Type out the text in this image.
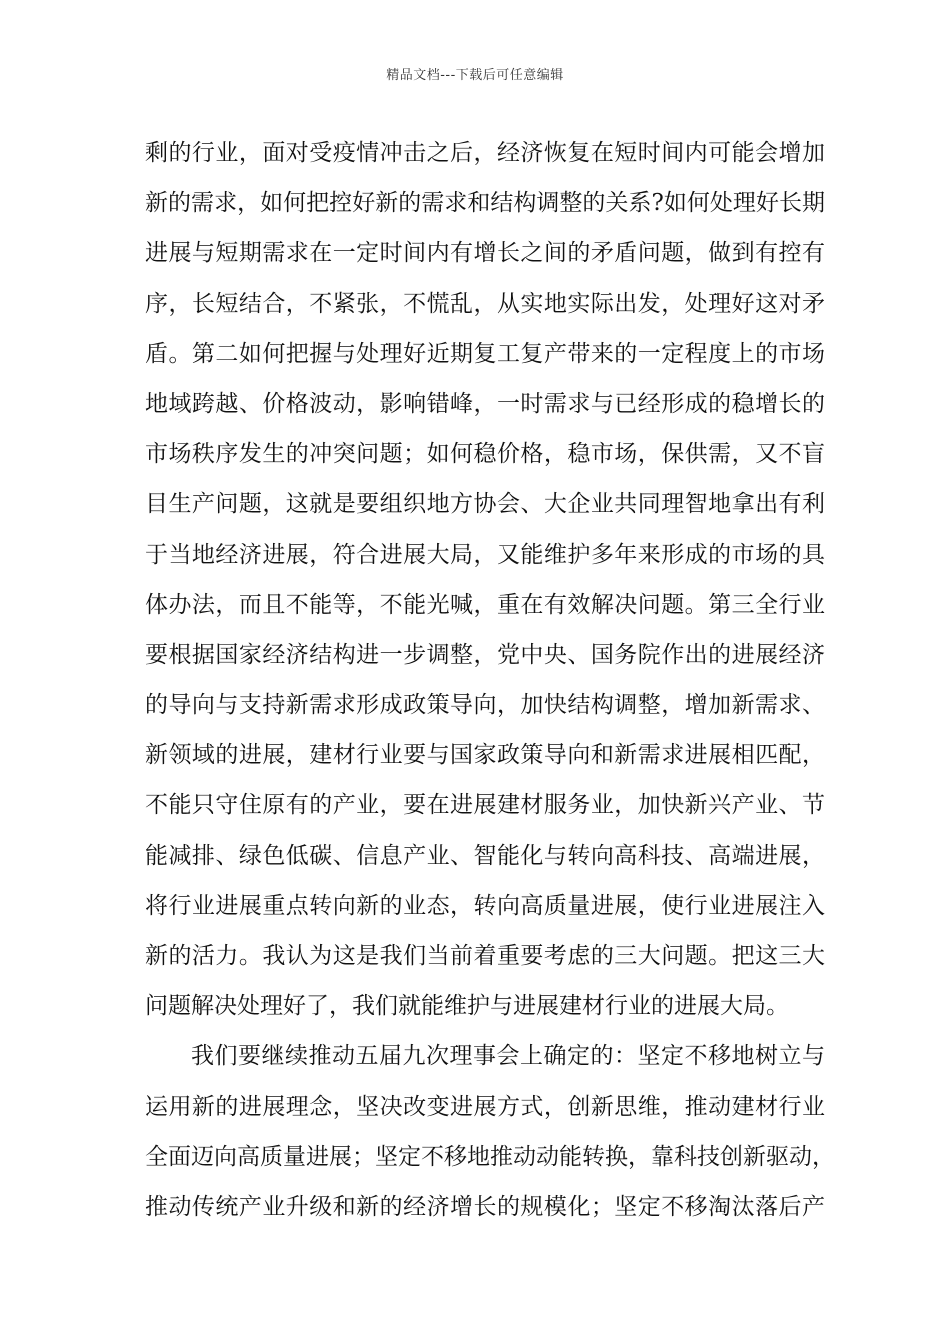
精品文档---下载后可任意编辑
剩的行业，面对受疫情冲击之后，经济恢复在短时间内可能会增加
新的需求，如何把控好新的需求和结构调整的关系?如何处理好长期
进展与短期需求在一定时间内有增长之间的矛盾问题，做到有控有
序，长短结合，不紧张，不慌乱，从实地实际出发，处理好这对矛
盾。第二如何把握与处理好近期复工复产带来的一定程度上的市场
地域跨越、价格波动，影响错峰，一时需求与已经形成的稳增长的
市场秩序发生的冲突问题；如何稳价格，稳市场，保供需，又不盲
目生产问题，这就是要组织地方协会、大企业共同理智地拿出有利
于当地经济进展，符合进展大局，又能维护多年来形成的市场的具
体办法，而且不能等，不能光喊，重在有效解决问题。第三全行业
要根据国家经济结构进一步调整，党中央、国务院作出的进展经济
的导向与支持新需求形成政策导向，加快结构调整，增加新需求、
新领域的进展，建材行业要与国家政策导向和新需求进展相匹配，
不能只守住原有的产业，要在进展建材服务业，加快新兴产业、节
能减排、绿色低碳、信息产业、智能化与转向高科技、高端进展，
将行业进展重点转向新的业态，转向高质量进展，使行业进展注入
新的活力。我认为这是我们当前着重要考虑的三大问题。把这三大
问题解决处理好了，我们就能维护与进展建材行业的进展大局。
我们要继续推动五届九次理事会上确定的：坚定不移地树立与
运用新的进展理念，坚决改变进展方式，创新思维，推动建材行业
全面迈向高质量进展；坚定不移地推动动能转换，靠科技创新驱动，
推动传统产业升级和新的经济增长的规模化；坚定不移淘汰落后产
